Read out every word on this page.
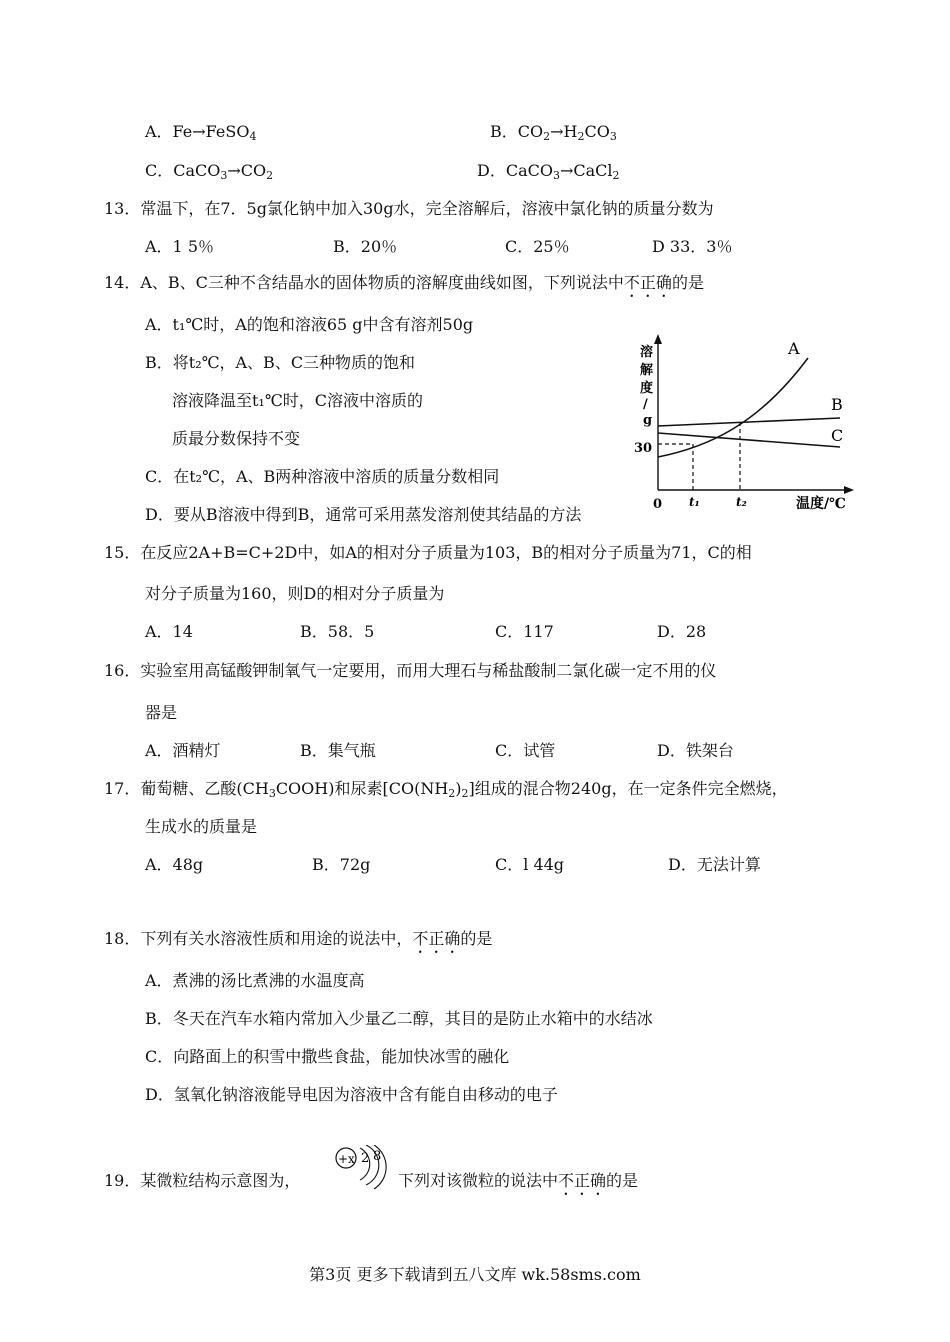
A．Fe→FeSO$_4$	B．$CO_2\to H_2CO_3$
C．$CaCO_3\to CO_2$	D．CaCO$_3$→CaCl$_2$
13．常温下，在7．5g氯化钠中加入30g水，完全溶解后，溶液中氯化钠的质量分数为
A．1 5％	B．20％	C．25％	D 33．3％
14．A、B、C三种不含结晶水的固体物质的溶解度曲线如图，下列说法中不正确的是
A．t₁℃时，A的饱和溶液65 g中含有溶剂50g
B．将t₂℃，A、B、C三种物质的饱和
溶液降温至t₁℃时，C溶液中溶质的
质最分数保持不变
C．在t₂℃，A、B两种溶液中溶质的质量分数相同
D．要从B溶液中得到B，通常可采用蒸发溶剂使其结晶的方法
溶
解
度
/
g
30
0 t₁	t₂	温度/℃
A
B
C
15．在反应2A+B=C+2D中，如A的相对分子质量为103，B的相对分子质量为71，C的相
对分子质量为160，则D的相对分子质量为
A．14	B．58．5	C．117	D．28
16．实验室用高锰酸钾制氧气一定要用，而用大理石与稀盐酸制二氯化碳一定不用的仪
器是
A．酒精灯	B．集气瓶	C．试管	D．铁架台
17．葡萄糖、乙酸$(CH_3COOH)$和尿素$[CO(NH_2)_2]$组成的混合物240g，在一定条件完全燃烧，
生成水的质量是
A．48g	B．72g	C．l 44g	D．无法计算
18．下列有关水溶液性质和用途的说法中，不正确的是
A．煮沸的汤比煮沸的水温度高
B．冬天在汽车水箱内常加入少量乙二醇，其目的是防止水箱中的水结冰
C．向路面上的积雪中撒些食盐，能加快冰雪的融化
D．氢氧化钠溶液能导电因为溶液中含有能自由移动的电子
19．某微粒结构示意图为，
+x 2 8
下列对该微粒的说法中不正确的是
第3页 更多下载请到五八文库 wk.58sms.com
